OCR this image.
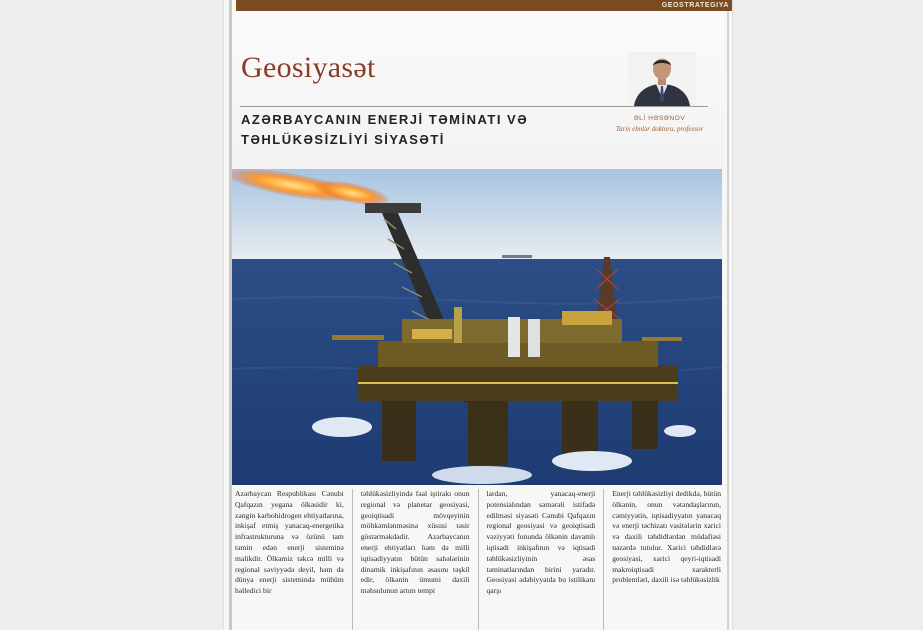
GEOSTRATEGIYA
Geosiyasət
AZƏRBAYCANIN ENERJİ TƏMİNATI VƏ
TƏHLÜKƏSİZLİYİ SİYASƏTİ
ƏLİ HƏSƏNOV
Tarix elmlər doktoru, professor
Azərbaycan Respublikası Cənubi Qafqazın yegana ölkəsidir ki, zəngin karbohidrogen ehtiyatlarına, inkişaf etmiş yanacaq-energetika infrastrukturuna və özünü tam təmin edən enerji sisteminə malikdir. Ölkəmiz təkcə milli və regional səviyyədə deyil, həm də dünya enerji sistemində mühüm həlledici bir
təhlükəsizliyində fəal iştirakı onun regional və planetar geosiyasi, geoiqtisadi mövqeyinin möhkəmlənməsinə xüsusi təsir göstərməkdədir. Azərbaycanın enerji ehtiyatları həm də milli iqtisadiyyatın bütün sahələrinin dinamik inkişafının əsasını təşkil edir, ölkənin ümumi daxili məhsulunun artım tempi
lardan, yanacaq-enerji potensialından səmərəli istifadə edilməsi siyasəti Cənubi Qafqazın regional geosiyasi və geoiqtisadi vəziyyəti fonunda ölkənin davamlı iqtisadi inkişafının və iqtisadi təhlükəsizliyinin əsas təminatlarından birini yaradır. Geosiyasi ədəbiyyatda bu istilikanı qarşı
Enerji təhlükəsizliyi dedikdə, bütün ölkənin, onun vətəndaşlarının, cəmiyyətin, iqtisadiyyatın yanacaq və enerji təchizatı vasitələrin xarici və daxili təhdidlərdən müdafiəsi nəzərdə tutulur. Xarici təhdidlərə geosiyasi, xarici qeyri-iqtisadi makroiqtisadi xarakterli problemləri, daxili isə təhlükəsizlik
